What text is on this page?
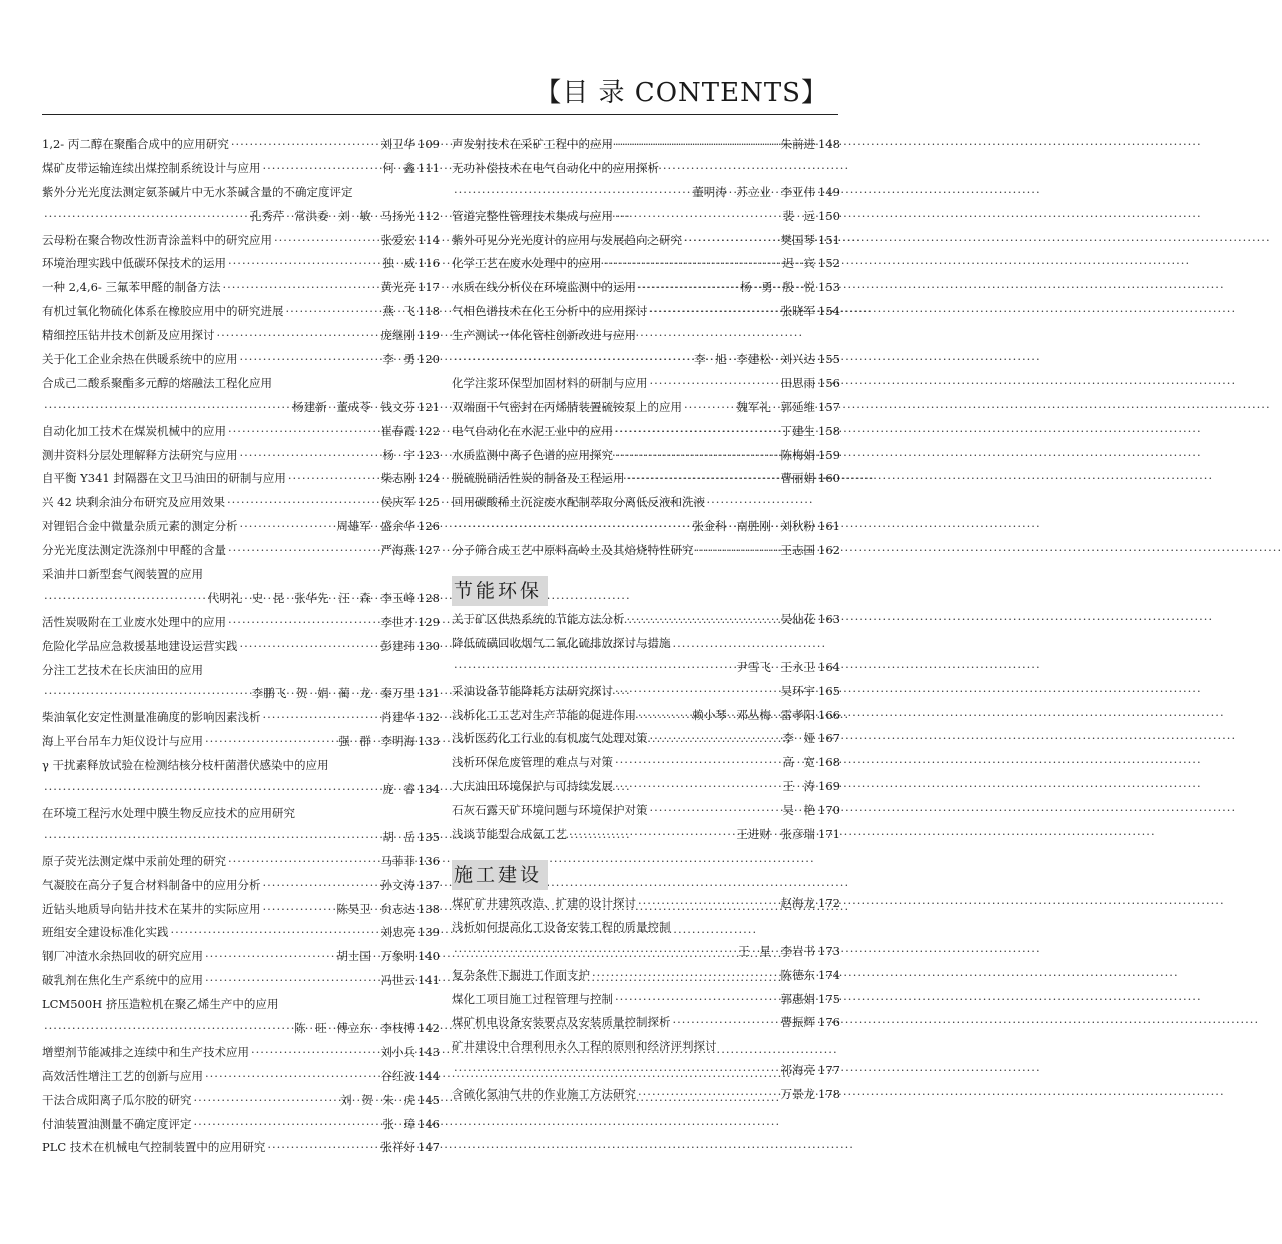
【目 录 CONTENTS】
1,2- 丙二醇在聚酯合成中的应用研究 ·····	刘卫华 109
煤矿皮带运输连续出煤控制系统设计与应用 ·····	何 鑫 111
紫外分光光度法测定氨茶碱片中无水茶碱含量的不确定度评定
·····
孔秀芹 常洪委 刘 敏 马扬光 112
云母粉在聚合物改性沥青涂盖料中的研究应用 ·····	张爱宏 114
环境治理实践中低碳环保技术的运用 ·····	独 威 116
一种 2,4,6- 三氟苯甲醛的制备方法 ·····	黄光亮 117
有机过氧化物硫化体系在橡胶应用中的研究进展 ·····	燕 飞 118
精细控压钻井技术创新及应用探讨 ·····	庞继刚 119
关于化工企业余热在供暖系统中的应用 ·····	李 勇 120
合成己二酸系聚酯多元醇的熔融法工程化应用
·····
杨建新 董成苓 钱文芬 121
自动化加工技术在煤炭机械中的应用 ·····	崔春霞 122
测井资料分层处理解释方法研究与应用 ·····	杨 宇 123
自平衡 Y341 封隔器在文卫马油田的研制与应用 ·····	柴志刚 124
兴 42 块剩余油分布研究及应用效果 ·····	侯庆军 125
对锂铝合金中微量杂质元素的测定分析 ·····	周雄军 盛余华 126
分光光度法测定洗涤剂中甲醛的含量 ·····	严海燕 127
采油井口新型套气阀装置的应用
·····
代明礼 史 昆 张华先 汪 森 李玉峰 128
活性炭吸附在工业废水处理中的应用 ·····	李世才 129
危险化学品应急救援基地建设运营实践 ·····	彭建玮 130
分注工艺技术在长庆油田的应用
·····
李鹏飞 贺 娟 蔺 龙 秦万里 131
柴油氧化安定性测量准确度的影响因素浅析 ·····	肖建华 132
海上平台吊车力矩仪设计与应用 ·····	强 群 李明海 133
γ 干扰素释放试验在检测结核分枝杆菌潜伏感染中的应用
·····
庞 睿 134
在环境工程污水处理中膜生物反应技术的应用研究
·····
胡 岳 135
原子荧光法测定煤中汞前处理的研究 ·····	马菲菲 136
气凝胶在高分子复合材料制备中的应用分析 ·····	孙文涛 137
近钻头地质导向钻井技术在某井的实际应用 ·····	陈昊卫 贠志达 138
班组安全建设标准化实践 ·····	刘忠亮 139
钢厂冲渣水余热回收的研究应用 ·····	胡士国 万象明 140
破乳剂在焦化生产系统中的应用 ·····	冯世云 141
LCM500H 挤压造粒机在聚乙烯生产中的应用
·····
陈 旺 傅立东 李枝博 142
增塑剂节能减排之连续中和生产技术应用 ·····	刘小兵 143
高效活性增注工艺的创新与应用 ·····	谷红波 144
干法合成阳离子瓜尔胶的研究 ·····	刘 贺 朱 虎 145
付油装置油测量不确定度评定 ·····	张 璋 146
PLC 技术在机械电气控制装置中的应用研究 ·····	张祥好 147
声发射技术在采矿工程中的应用 ·····	朱前进 148
无功补偿技术在电气自动化中的应用探析
·····
董明涛 苏立业 李亚伟 149
管道完整性管理技术集成与应用 ·····	裴 远 150
紫外可见分光光度计的应用与发展趋向之研究 ·····	樊国琴 151
化学工艺在废水处理中的应用 ·····	迟 宾 152
水质在线分析仪在环境监测中的运用 ·····	杨 勇 殷 悦 153
气相色谱技术在化工分析中的应用探讨 ·····	张晓军 154
生产测试一体化管柱创新改进与应用
·····
李 旭 李建松 刘兴达 155
化学注浆环保型加固材料的研制与应用 ·····	田思雨 156
双端面干气密封在丙烯腈装置硫铵泵上的应用 ·····	魏军礼 郭延维 157
电气自动化在水泥工业中的应用 ·····	丁建生 158
水质监测中离子色谱的应用探究 ·····	陈梅娟 159
脱硫脱硝活性炭的制备及工程运用 ·····	曹丽娟 160
回用碳酸稀土沉淀废水配制萃取分离低反液和洗液
·····
张金科 南胜刚 刘秋粉 161
分子筛合成工艺中原料高岭土及其焙烧特性研究 ·····	王志国 162
节能环保
关于矿区供热系统的节能方法分析 ·····	吴仙花 163
降低硫磺回收烟气二氧化硫排放探讨与措施
·····
尹雪飞 王永卫 164
采油设备节能降耗方法研究探讨 ·····	吴环宇 165
浅析化工工艺对生产节能的促进作用 ·····	赖小琴 邓丛梅 雷孝阳 166
浅析医药化工行业的有机废气处理对策 ·····	李 娅 167
浅析环保危废管理的难点与对策 ·····	高 宽 168
大庆油田环境保护与可持续发展 ·····	王 涛 169
石灰石露天矿环境问题与环境保护对策 ·····	吴 艳 170
浅谈节能型合成氨工艺 ·····	王进财 张彦瑞 171
施工建设
煤矿矿井建筑改造、扩建的设计探讨 ·····	赵海龙 172
浅析如何提高化工设备安装工程的质量控制
·····
王 星 李岩书 173
复杂条件下掘进工作面支护 ·····	陈德东 174
煤化工项目施工过程管理与控制 ·····	郭惠娟 175
煤矿机电设备安装要点及安装质量控制探析 ·····	曹振辉 176
矿井建设中合理利用永久工程的原则和经济评判探讨
·····
祁海亮 177
含硫化氢油气井的作业施工方法研究 ·····	万景龙 178
